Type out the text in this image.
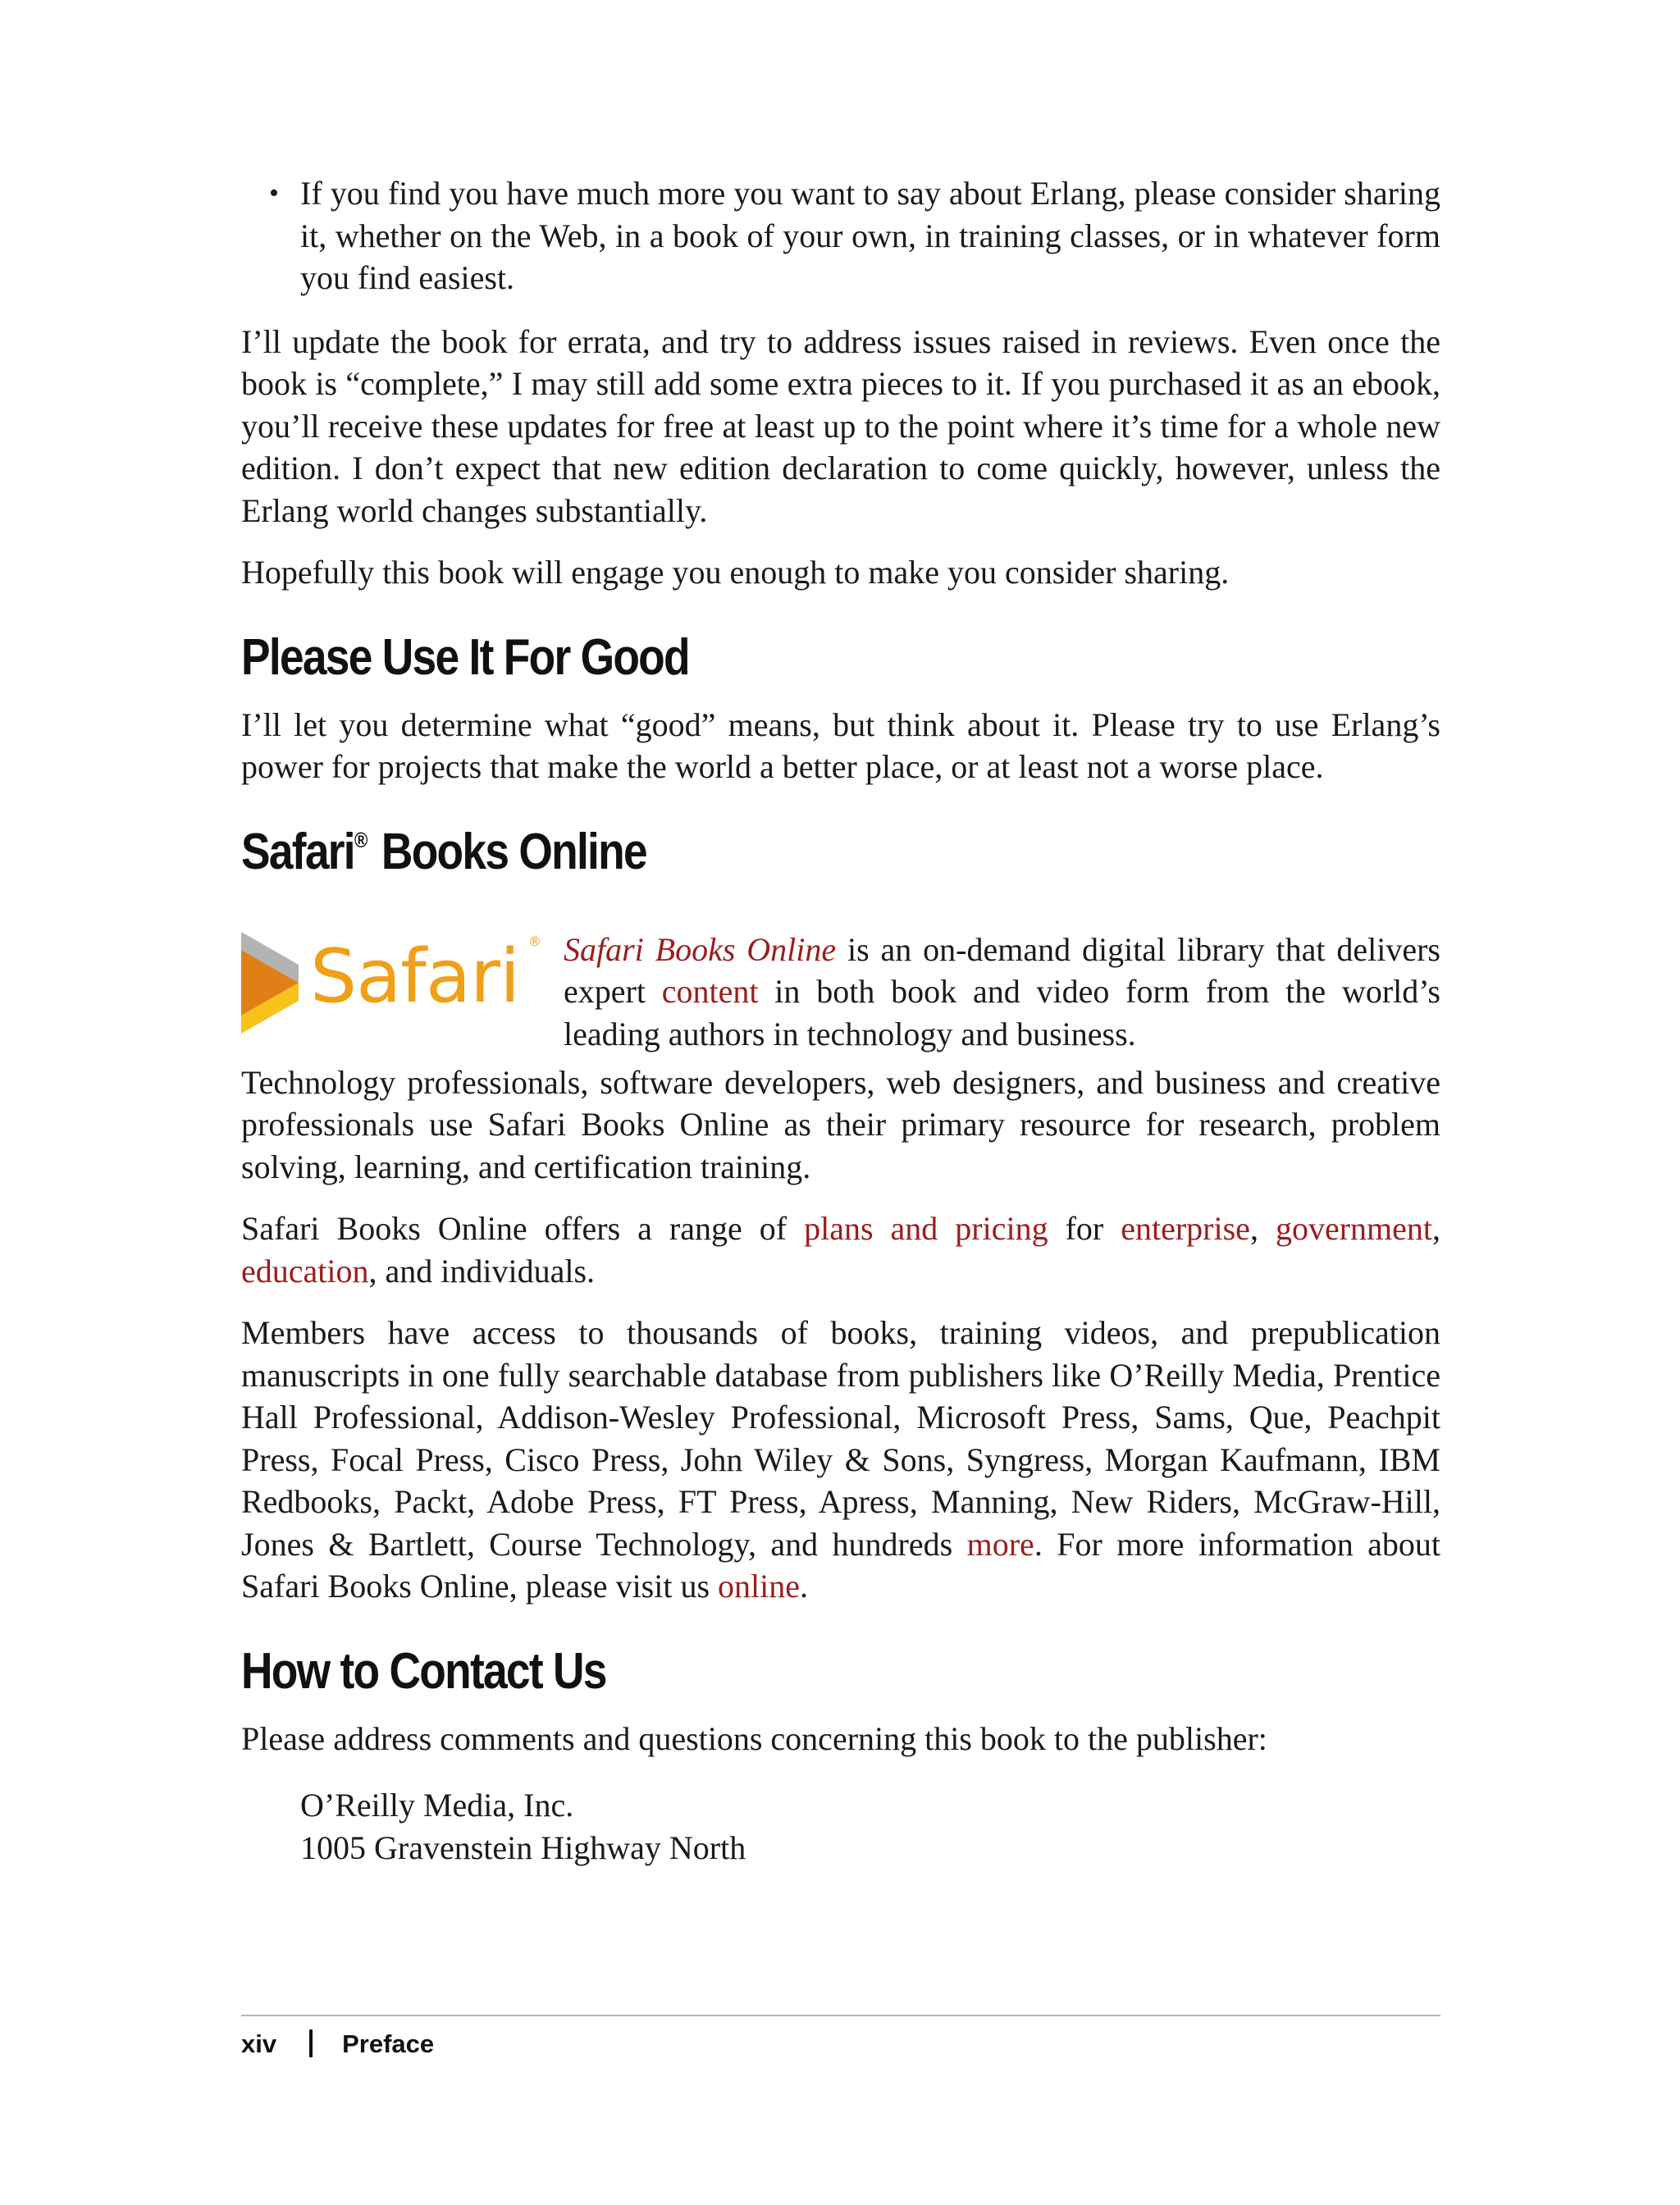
• If you find you have much more you want to say about Erlang, please consider sharing it, whether on the Web, in a book of your own, in training classes, or in whatever form you find easiest.

I’ll update the book for errata, and try to address issues raised in reviews. Even once the book is “complete,” I may still add some extra pieces to it. If you purchased it as an ebook, you’ll receive these updates for free at least up to the point where it’s time for a whole new edition. I don’t expect that new edition declaration to come quickly, however, unless the Erlang world changes substantially.

Hopefully this book will engage you enough to make you consider sharing.

Please Use It For Good

I’ll let you determine what “good” means, but think about it. Please try to use Erlang’s power for projects that make the world a better place, or at least not a worse place.

Safari® Books Online
Safari ® Safari Books Online is an on-demand digital library that delivers expert content in both book and video form from the world’s leading authors in technology and business.

Technology professionals, software developers, web designers, and business and creative professionals use Safari Books Online as their primary resource for research, problem solving, learning, and certification training.

Safari Books Online offers a range of plans and pricing for enterprise, government, education, and individuals.

Members have access to thousands of books, training videos, and prepublication manuscripts in one fully searchable database from publishers like O’Reilly Media, Prentice Hall Professional, Addison-Wesley Professional, Microsoft Press, Sams, Que, Peachpit Press, Focal Press, Cisco Press, John Wiley & Sons, Syngress, Morgan Kaufmann, IBM Redbooks, Packt, Adobe Press, FT Press, Apress, Manning, New Riders, McGraw-Hill, Jones & Bartlett, Course Technology, and hundreds more. For more information about Safari Books Online, please visit us online.

How to Contact Us

Please address comments and questions concerning this book to the publisher:

O’Reilly Media, Inc.
1005 Gravenstein Highway North
xiv	Preface
